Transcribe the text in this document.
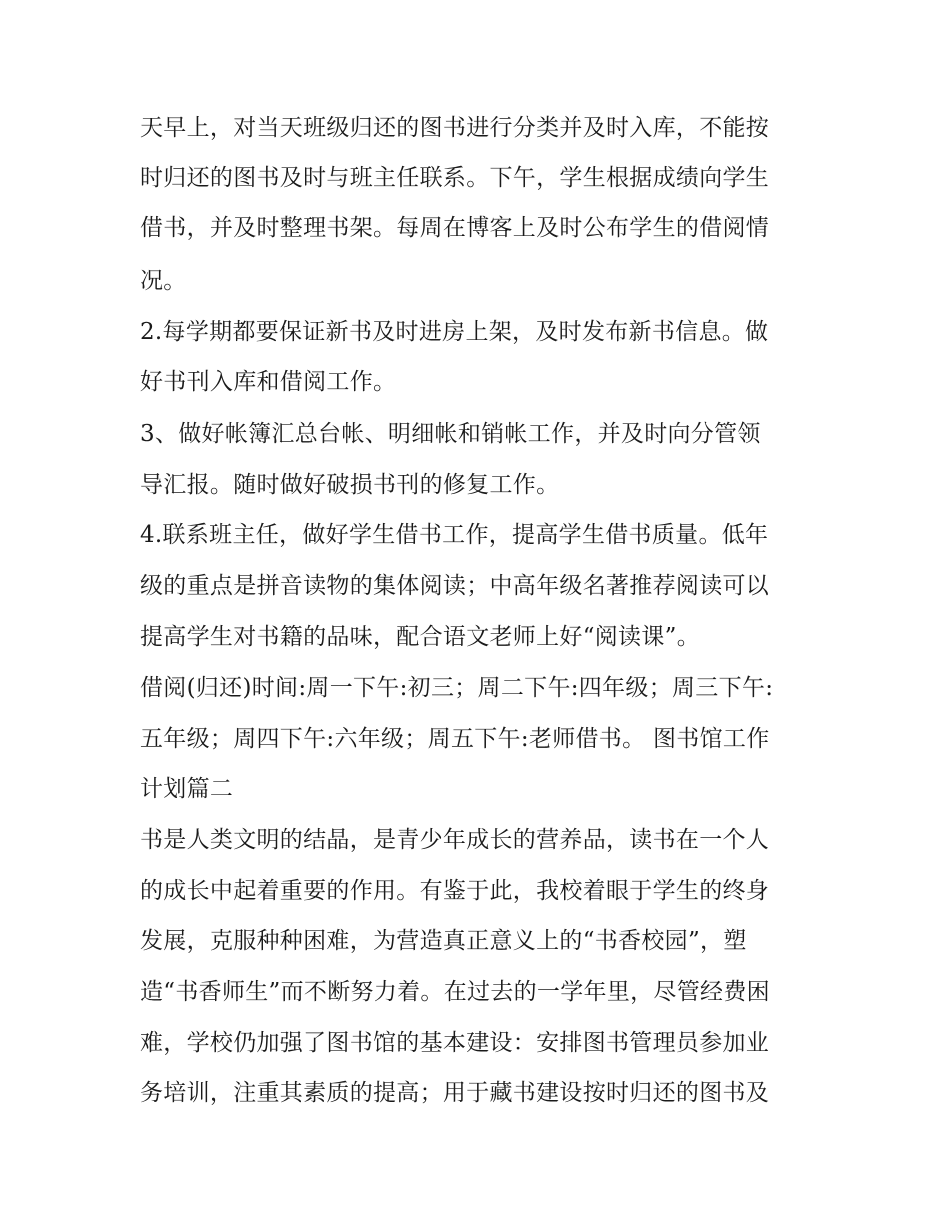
天早上，对当天班级归还的图书进行分类并及时入库，不能按
时归还的图书及时与班主任联系。下午，学生根据成绩向学生
借书，并及时整理书架。每周在博客上及时公布学生的借阅情
况。
2.每学期都要保证新书及时进房上架，及时发布新书信息。做
好书刊入库和借阅工作。
3、做好帐簿汇总台帐、明细帐和销帐工作，并及时向分管领
导汇报。随时做好破损书刊的修复工作。
4.联系班主任，做好学生借书工作，提高学生借书质量。低年
级的重点是拼音读物的集体阅读；中高年级名著推荐阅读可以
提高学生对书籍的品味，配合语文老师上好“阅读课”。
借阅(归还)时间:周一下午:初三；周二下午:四年级；周三下午:
五年级；周四下午:六年级；周五下午:老师借书。 图书馆工作
计划篇二
书是人类文明的结晶，是青少年成长的营养品，读书在一个人
的成长中起着重要的作用。有鉴于此，我校着眼于学生的终身
发展，克服种种困难，为营造真正意义上的“书香校园”，塑
造“书香师生”而不断努力着。在过去的一学年里，尽管经费困
难，学校仍加强了图书馆的基本建设：安排图书管理员参加业
务培训，注重其素质的提高；用于藏书建设按时归还的图书及
